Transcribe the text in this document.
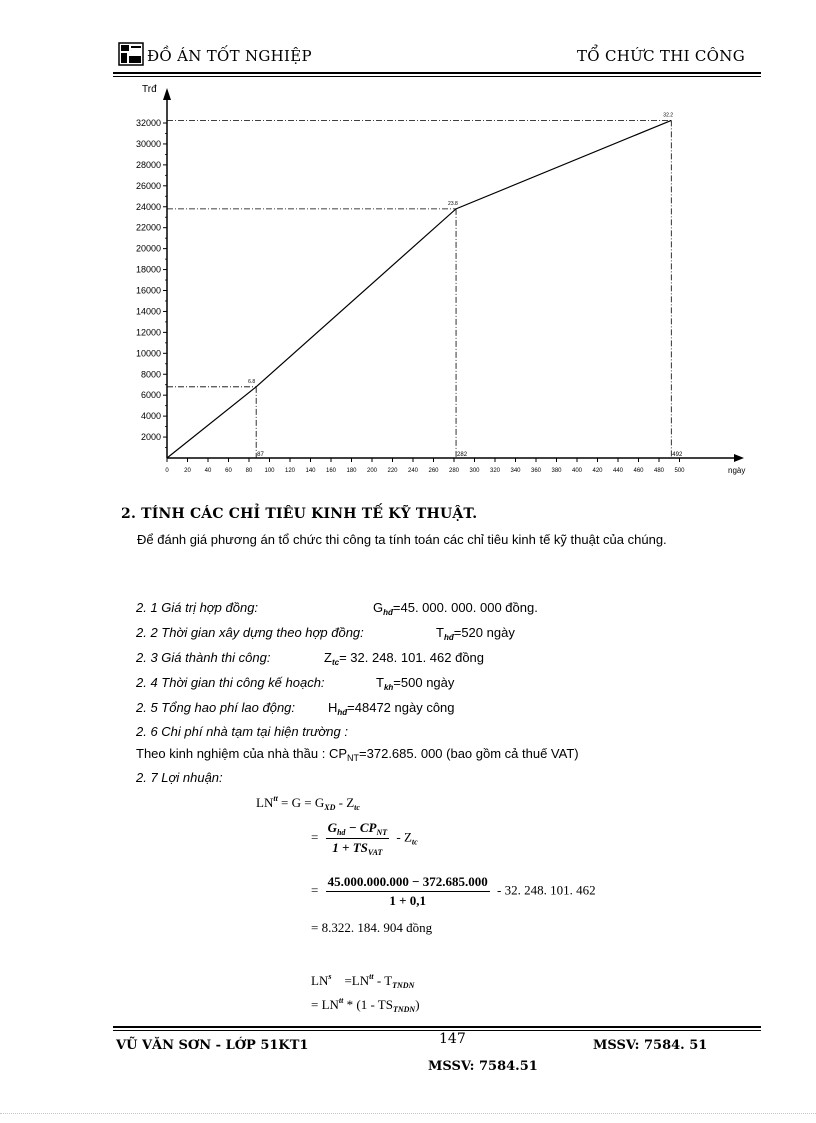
ĐỒ ÁN TỐT NGHIỆP	TỔ CHỨC THI CÔNG
Trđ
ngày
2000
4000
6000
8000
10000
12000
14000
16000
18000
20000
22000
24000
26000
28000
30000
32000
0	20 40 60 80 100 120 140 160 180 200 220 240 260 280 300 320 340 360 380 400 420 440 460 480 500
6.8
87
23.8
282
32.2
492
2. TÍNH CÁC CHỈ TIÊU KINH TẾ KỸ THUẬT.
Để đánh giá phương án tổ chức thi công ta tính toán các chỉ tiêu kinh tế kỹ thuật của chúng.
2. 1 Giá trị hợp đồng:	$G_{hđ}=45$. 000. 000. 000 đồng.
2. 2 Thời gian xây dựng theo hợp đồng:	$T_{hđ}=520$ ngày
2. 3 Giá thành thi công:	$Z_{tc}= 32$. 248. 101. 462 đồng
2. 4 Thời gian thi công kế hoạch:	$T_{kh}=500$ ngày
2. 5 Tổng hao phí lao động:	$H_{hđ}=48472$ ngày công
2. 6 Chi phí nhà tạm tại hiện trường :
Theo kinh nghiệm của nhà thầu : $CP_{NT}=372.685$. 000 (bao gồm cả thuế VAT)
2. 7 Lợi nhuận:
$LN^{tt} = G = G_{XD} - Z_{tc}$
= $\frac{G_{hd} - CP_{NT}}{1 + TS_{VAT}} - Z_{tc}$
= $\frac{45.000.000.000 - 372.685.000}{1 + 0,1} - 32$. 248. 101. 462
= 8.322. 184. 904 đồng
$LN^s =LN^{tt} - T_{TNDN}$
= $LN^{tt} * (1 - TS_{TNDN})$
VŨ VĂN SƠN - LỚP 51KT1	147	MSSV: 7584. 51
MSSV: 7584.51
